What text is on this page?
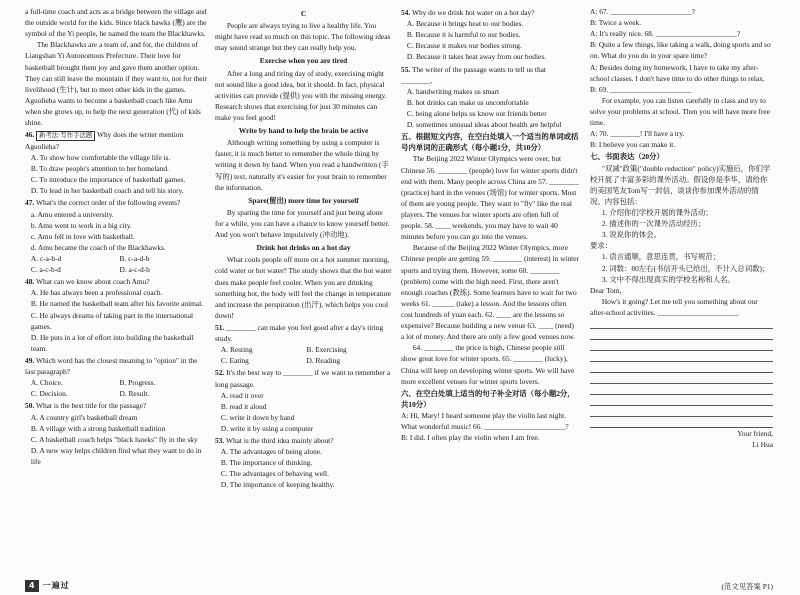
a full-time coach and acts as a bridge between the village and the outside world for the kids. Since black hawks (鹰) are the symbol of the Yi people, he named the team the Blackhawks.

The Blackhawks are a team of, and for, the children of Liangshan Yi Autonomous Prefecture. Their love for basketball brought them joy and gave them another option. They can still leave the mountain if they want to, not for their livelihood (生计), but to meet other kids in the games. Aguolieha wants to become a basketball coach like Amu when she grows up, to help the next generation (代) of kids shine.

46. 新考法·写作手法题 Why does the writer mention Aguolieha?
A. To show how comfortable the village life is.
B. To draw people's attention to her homeland.
C. To introduce the importance of basketball games.
D. To lead in her basketball coach and tell his story.
47. What's the correct order of the following events?
a. Amu entered a university.
b. Amu went to work in a big city.
c. Amu fell in love with basketball.
d. Amu became the coach of the Blackhawks.
A. c-a-b-d	B. c-a-d-b
C. a-c-b-d	D. a-c-d-b
48. What can we know about coach Amu?
A. He has always been a professional coach.
B. He named the basketball team after his favorite animal.
C. He always dreams of taking part in the international games.
D. He puts in a lot of effort into building the basketball team.
49. Which word has the closest meaning to "option" in the last paragraph?
A. Choice.	B. Progress.
C. Decision.	D. Result.
50. What is the best title for the passage?
A. A country girl's basketball dream
B. A village with a strong basketball tradition
C. A basketball coach helps "black hawks" fly in the sky
D. A new way helps children find what they want to do in life
C

People are always trying to live a healthy life. You might have read so much on this topic. The following ideas may sound strange but they can really help you.

Exercise when you are tired

After a long and tiring day of study, exercising might not sound like a good idea, but it should. In fact, physical activities can provide (提供) you with the missing energy. Research shows that exercising for just 30 minutes can make you feel good!

Write by hand to help the brain be active

Although writing something by using a computer is faster, it is much better to remember the whole thing by writing it down by hand. When you read a handwritten (手写的) text, naturally it's easier for your brain to remember the information.

Spare(留出) more time for yourself

By sparing the time for yourself and just being alone for a while, you can have a chance to know yourself better. And you won't behave impulsively (冲动地).

Drink hot drinks on a hot day

What cools people off more on a hot summer morning, cold water or hot water? The study shows that the hot water does make people feel cooler. When you are drinking something hot, the body will feel the change in temperature and increase the perspiration (出汗), which helps you cool down!

51. ________ can make you feel good after a day's tiring study.
A. Resting	B. Exercising
C. Eating	D. Reading
52. It's the best way to ________ if we want to remember a long passage.
A. read it over
B. read it aloud
C. write it down by hand
D. write it by using a computer
53. What is the third idea mainly about?
A. The advantages of being alone.
B. The importance of thinking.
C. The advantages of behaving well.
D. The importance of keeping healthy.
54. Why do we drink hot water on a hot day?
A. Because it brings heat to our bodies.
B. Because it is harmful to our bodies.
C. Because it makes our bodies strong.
D. Because it takes heat away from our bodies.
55. The writer of the passage wants to tell us that ________.
A. handwriting makes us smart
B. hot drinks can make us uncomfortable
C. being alone helps us know our friends better
D. sometimes unusual ideas about health are helpful
五、根据短文内容，在空白处填入一个适当的单词或括号内单词的正确形式（每小题1分，共10分）

The Beijing 2022 Winter Olympics were over, but Chinese 56. ________ (people) love for winter sports didn't end with them. Many people across China are 57. ________ (practice) hard in the venues (场馆) for winter sports. Most of them are young people. They want to "fly" like the real players. The venues for winter sports are often full of people. 58. ____ weekends, you may have to wait 40 minutes before you can go into the venues.

Because of the Beijing 2022 Winter Olympics, more Chinese people are getting 59. ________ (interest) in winter sports and trying them. However, some 60. ________ (problem) come with the high need. First, there aren't enough coaches (教练). Some learners have to wait for two weeks 61. ______ (take) a lesson. And the lessons often cost hundreds of yuan each. 62. ____ are the lessons so expensive? Because building a new venue 63. ____ (need) a lot of money. And there are only a few good venues now.

64. ________ the price is high, Chinese people still show great love for winter sports. 65. ________ (lucky), China will keep on developing winter sports. We will have more excellent venues for winter sports lovers.

六、在空白处填上适当的句子补全对话（每小题2分，共10分）
A: Hi, Mary! I heard someone play the violin last night. What wonderful music! 66. ______________________?
B: I did. I often play the violin when I am free.
A: 67. ______________________?
B: Twice a week.
A: It's really nice. 68. ______________________?
B: Quite a few things, like taking a walk, doing sports and so on. What do you do in your spare time?
A: Besides doing my homework, I have to take my after-school classes. I don't have time to do other things to relax.
B: 69. ______________________

For example, you can listen carefully in class and try to solve your problems at school. Then you will have more free time.

A: 70. ________! I'll have a try.
B: I believe you can make it.
七、书面表达（20分）

"双减"政策("double reduction" policy)实施后，你们学校开展了丰富多彩的课外活动。假设你是李华，请给你的美国笔友Tom写一封信，谈谈你参加课外活动的情况。内容包括：

1. 介绍你们学校开展的课外活动；

2. 描述你的一次课外活动经历；

3. 说说你的体会。

要求：

1. 语言通顺，意思连贯，书写规范；

2. 词数：80左右(书信开头已给出，不计入总词数)；

3. 文中不得出现真实的学校名称和人名。

Dear Tom,

How's it going? Let me tell you something about our after-school activities. ______________________

Your friend,
Li Hua
4	一遍过	(范文见答案 P1)
